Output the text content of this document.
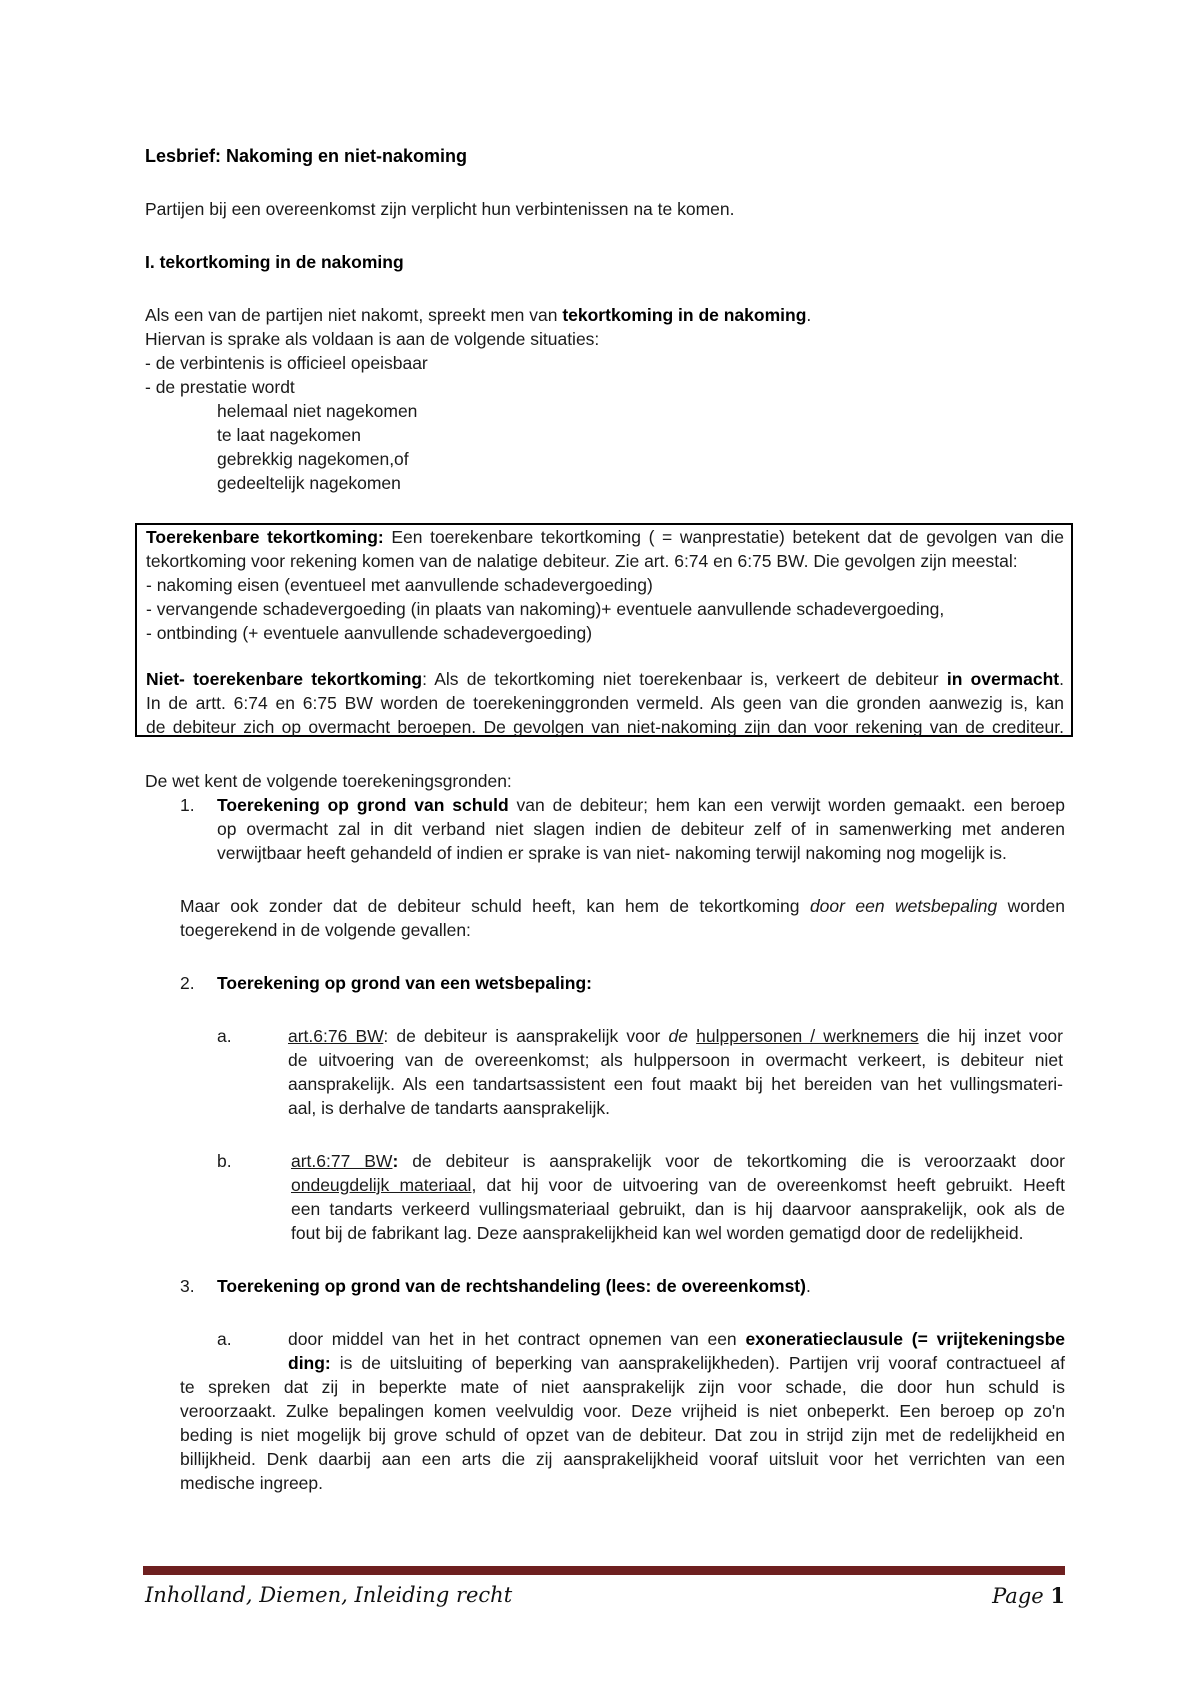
Lesbrief: Nakoming en niet-nakoming
Partijen bij een overeenkomst zijn verplicht hun verbintenissen na te komen.
I. tekortkoming in de nakoming
Als een van de partijen niet nakomt, spreekt men van tekortkoming in de nakoming.
Hiervan is sprake als voldaan is aan de volgende situaties:
- de verbintenis is officieel opeisbaar
- de prestatie wordt
helemaal niet nagekomen
te laat nagekomen
gebrekkig nagekomen,of
gedeeltelijk nagekomen
Toerekenbare tekortkoming: Een toerekenbare tekortkoming ( = wanprestatie) betekent dat de gevolgen van die
tekortkoming voor rekening komen van de nalatige debiteur. Zie art. 6:74 en 6:75 BW. Die gevolgen zijn meestal:
- nakoming eisen (eventueel met aanvullende schadevergoeding)
- vervangende schadevergoeding (in plaats van nakoming)+ eventuele aanvullende schadevergoeding,
- ontbinding (+ eventuele aanvullende schadevergoeding)
Niet- toerekenbare tekortkoming: Als de tekortkoming niet toerekenbaar is, verkeert de debiteur in overmacht.
In de artt. 6:74 en 6:75 BW worden de toerekeninggronden vermeld. Als geen van die gronden aanwezig is, kan
de debiteur zich op overmacht beroepen. De gevolgen van niet-nakoming zijn dan voor rekening van de crediteur.
De wet kent de volgende toerekeningsgronden:
1. Toerekening op grond van schuld van de debiteur; hem kan een verwijt worden gemaakt. een beroep
op overmacht zal in dit verband niet slagen indien de debiteur zelf of in samenwerking met anderen
verwijtbaar heeft gehandeld of indien er sprake is van niet- nakoming terwijl nakoming nog mogelijk is.
Maar ook zonder dat de debiteur schuld heeft, kan hem de tekortkoming door een wetsbepaling worden
toegerekend in de volgende gevallen:
2. Toerekening op grond van een wetsbepaling:
a.	art.6:76 BW: de debiteur is aansprakelijk voor de hulppersonen / werknemers die hij inzet voor
de uitvoering van de overeenkomst; als hulppersoon in overmacht verkeert, is debiteur niet
aansprakelijk. Als een tandartsassistent een fout maakt bij het bereiden van het vullingsmateri-
aal, is derhalve de tandarts aansprakelijk.
b.	art.6:77 BW: de debiteur is aansprakelijk voor de tekortkoming die is veroorzaakt door
ondeugdelijk materiaal, dat hij voor de uitvoering van de overeenkomst heeft gebruikt. Heeft
een tandarts verkeerd vullingsmateriaal gebruikt, dan is hij daarvoor aansprakelijk, ook als de
fout bij de fabrikant lag. Deze aansprakelijkheid kan wel worden gematigd door de redelijkheid.
3. Toerekening op grond van de rechtshandeling (lees: de overeenkomst).
a.	door middel van het in het contract opnemen van een exoneratieclausule (= vrijtekeningsbe
ding: is de uitsluiting of beperking van aansprakelijkheden). Partijen vrij vooraf contractueel af
te spreken dat zij in beperkte mate of niet aansprakelijk zijn voor schade, die door hun schuld is
veroorzaakt. Zulke bepalingen komen veelvuldig voor. Deze vrijheid is niet onbeperkt. Een beroep op zo'n
beding is niet mogelijk bij grove schuld of opzet van de debiteur. Dat zou in strijd zijn met de redelijkheid en
billijkheid. Denk daarbij aan een arts die zij aansprakelijkheid vooraf uitsluit voor het verrichten van een
medische ingreep.
Inholland, Diemen, Inleiding recht	Page 1
